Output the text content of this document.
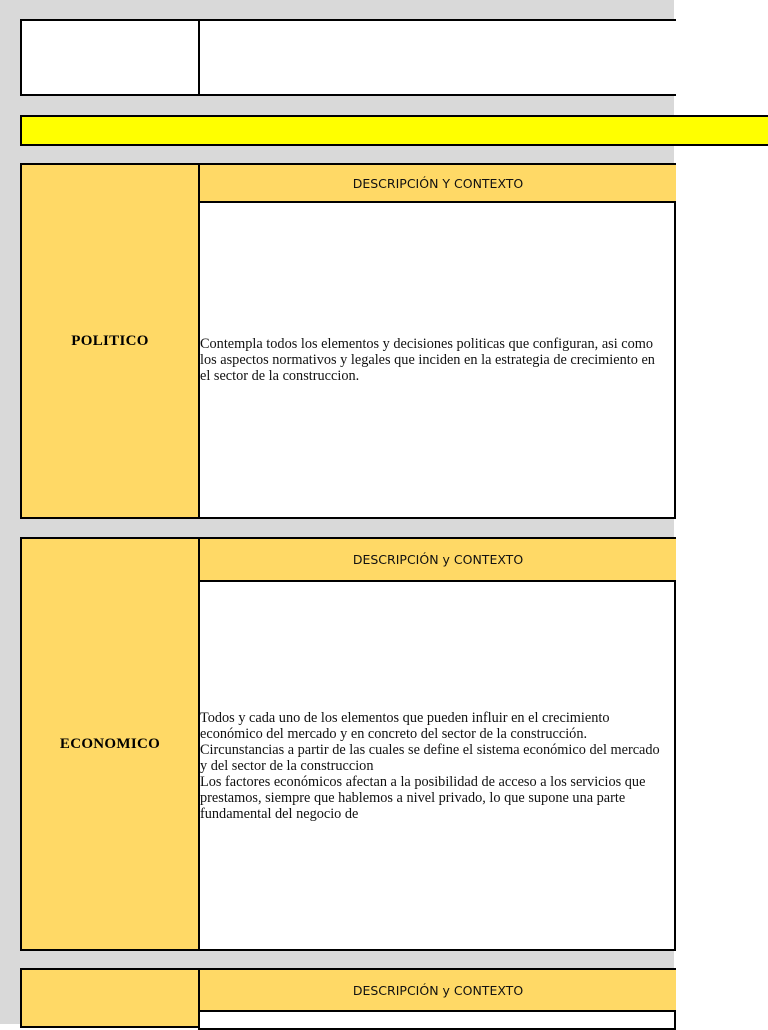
POLITICO
DESCRIPCIÓN Y CONTEXTO
Contempla todos los elementos y decisiones politicas que configuran, asi como los aspectos normativos y legales que inciden en la estrategia de crecimiento en el sector de la construccion.
ECONOMICO
DESCRIPCIÓN y CONTEXTO
Todos y cada uno de los elementos que pueden influir en el crecimiento económico del mercado y en concreto del sector de la construcción.
Circunstancias a partir de las cuales se define el sistema económico del mercado y del sector de la construccion
Los factores económicos afectan a la posibilidad de acceso a los servicios que prestamos, siempre que hablemos a nivel privado, lo que supone una parte fundamental del negocio de
DESCRIPCIÓN y CONTEXTO
